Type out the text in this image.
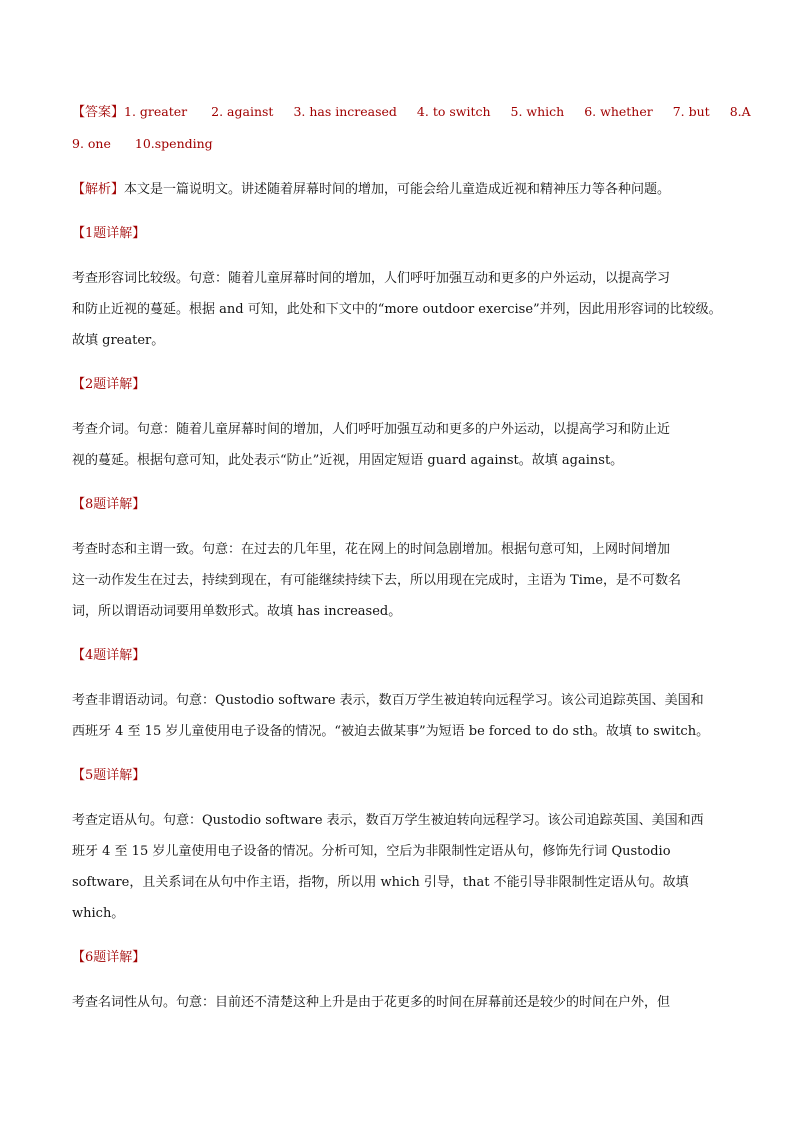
【答案】1. greater 2. against 3. has increased 4. to switch 5. which 6. whether 7. but 8.A
9. one 10.spending
【解析】本文是一篇说明文。讲述随着屏幕时间的增加，可能会给儿童造成近视和精神压力等各种问题。
【1题详解】
考查形容词比较级。句意：随着儿童屏幕时间的增加，人们呼吁加强互动和更多的户外运动，以提高学习
和防止近视的蔓延。根据 and 可知，此处和下文中的“more outdoor exercise”并列，因此用形容词的比较级。
故填 greater。
【2题详解】
考查介词。句意：随着儿童屏幕时间的增加，人们呼吁加强互动和更多的户外运动，以提高学习和防止近
视的蔓延。根据句意可知，此处表示“防止”近视，用固定短语 guard against。故填 against。
【8题详解】
考查时态和主谓一致。句意：在过去的几年里，花在网上的时间急剧增加。根据句意可知，上网时间增加
这一动作发生在过去，持续到现在，有可能继续持续下去，所以用现在完成时，主语为 Time，是不可数名
词，所以谓语动词要用单数形式。故填 has increased。
【4题详解】
考查非谓语动词。句意：Qustodio software 表示，数百万学生被迫转向远程学习。该公司追踪英国、美国和
西班牙 4 至 15 岁儿童使用电子设备的情况。“被迫去做某事”为短语 be forced to do sth。故填 to switch。
【5题详解】
考查定语从句。句意：Qustodio software 表示，数百万学生被迫转向远程学习。该公司追踪英国、美国和西
班牙 4 至 15 岁儿童使用电子设备的情况。分析可知，空后为非限制性定语从句，修饰先行词 Qustodio
software，且关系词在从句中作主语，指物，所以用 which 引导，that 不能引导非限制性定语从句。故填
which。
【6题详解】
考查名词性从句。句意：目前还不清楚这种上升是由于花更多的时间在屏幕前还是较少的时间在户外，但
